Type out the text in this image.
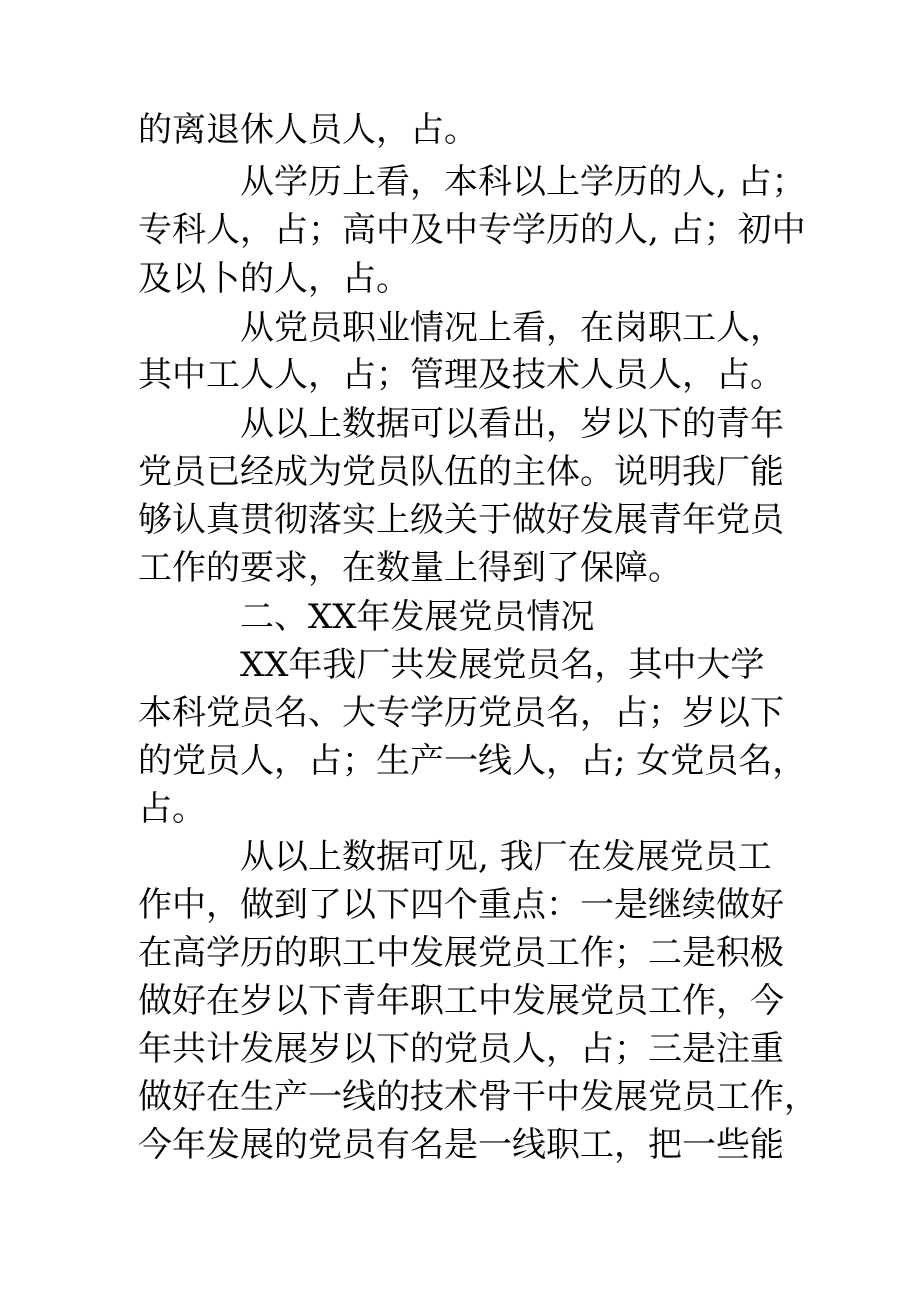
的离退休人员人，占。
从学历上看，本科以上学历的人, 占；
专科人，占；高中及中专学历的人, 占；初中
及以卜的人，占。
从党员职业情况上看，在岗职工人，
其中工人人，占；管理及技术人员人，占。
从以上数据可以看出，岁以下的青年
党员已经成为党员队伍的主体。说明我厂能
够认真贯彻落实上级关于做好发展青年党员
工作的要求，在数量上得到了保障。
二、XX年发展党员情况
XX年我厂共发展党员名，其中大学
本科党员名、大专学历党员名，占；岁以下
的党员人，占；生产一线人，占; 女党员名，
占。
从以上数据可见, 我厂在发展党员工
作中，做到了以下四个重点：一是继续做好
在高学历的职工中发展党员工作；二是积极
做好在岁以下青年职工中发展党员工作，今
年共计发展岁以下的党员人，占；三是注重
做好在生产一线的技术骨干中发展党员工作，
今年发展的党员有名是一线职工，把一些能
